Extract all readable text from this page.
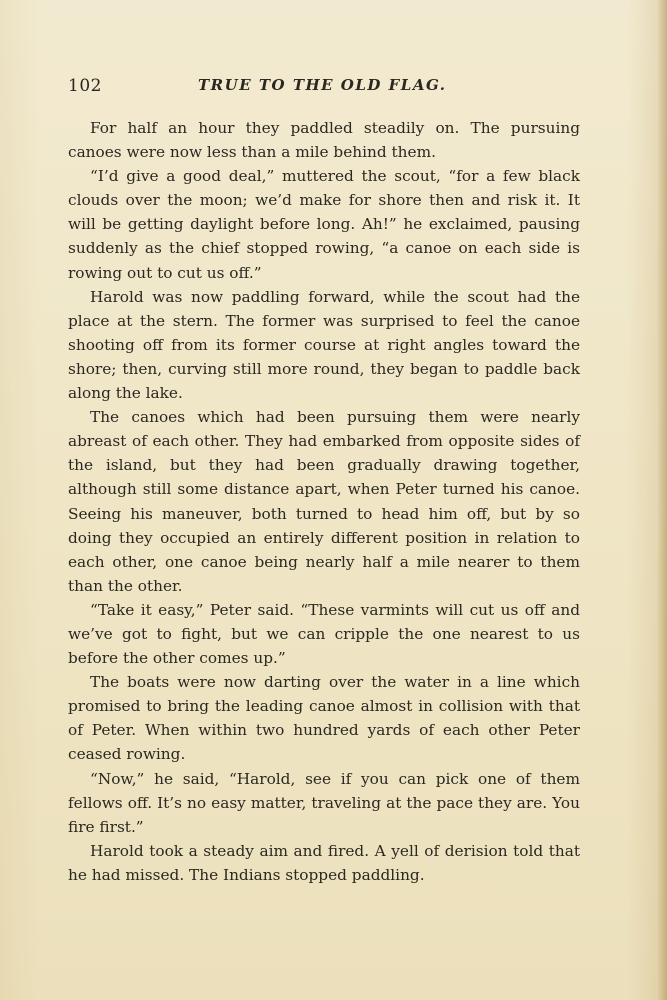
102	TRUE TO THE OLD FLAG.

For half an hour they paddled steadily on. The pursuing canoes were now less than a mile behind them.

“I’d give a good deal,” muttered the scout, “for a few black clouds over the moon; we’d make for shore then and risk it. It will be getting daylight before long. Ah!” he exclaimed, pausing suddenly as the chief stopped rowing, “a canoe on each side is rowing out to cut us off.”

Harold was now paddling forward, while the scout had the place at the stern. The former was surprised to feel the canoe shooting off from its former course at right angles toward the shore; then, curving still more round, they began to paddle back along the lake.

The canoes which had been pursuing them were nearly abreast of each other. They had embarked from opposite sides of the island, but they had been gradually drawing together, although still some distance apart, when Peter turned his canoe. Seeing his maneuver, both turned to head him off, but by so doing they occupied an entirely different position in relation to each other, one canoe being nearly half a mile nearer to them than the other.

“Take it easy,” Peter said. “These varmints will cut us off and we’ve got to fight, but we can cripple the one nearest to us before the other comes up.”

The boats were now darting over the water in a line which promised to bring the leading canoe almost in collision with that of Peter. When within two hundred yards of each other Peter ceased rowing.

“Now,” he said, “Harold, see if you can pick one of them fellows off. It’s no easy matter, traveling at the pace they are. You fire first.”

Harold took a steady aim and fired. A yell of derision told that he had missed. The Indians stopped paddling.
